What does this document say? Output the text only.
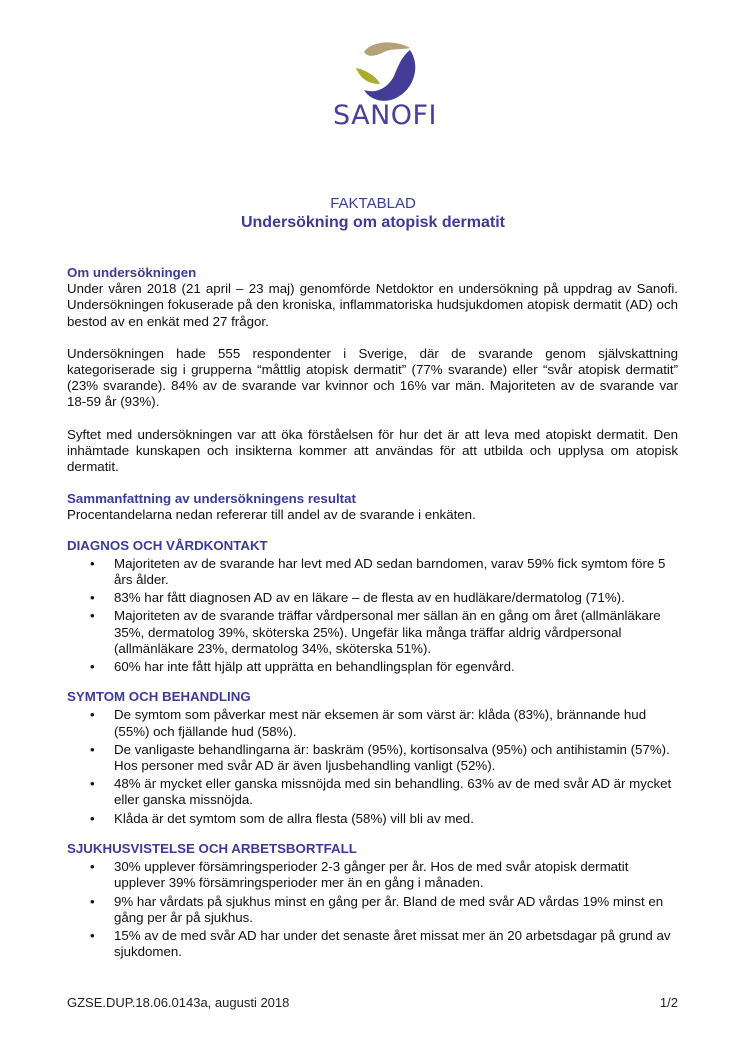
SANOFI
FAKTABLAD
Undersökning om atopisk dermatit
Om undersökningen

Under våren 2018 (21 april – 23 maj) genomförde Netdoktor en undersökning på uppdrag av Sanofi. Undersökningen fokuserade på den kroniska, inflammatoriska hudsjukdomen atopisk dermatit (AD) och bestod av en enkät med 27 frågor.

Undersökningen hade 555 respondenter i Sverige, där de svarande genom självskattning kategoriserade sig i grupperna “måttlig atopisk dermatit” (77% svarande) eller “svår atopisk dermatit” (23% svarande). 84% av de svarande var kvinnor och 16% var män. Majoriteten av de svarande var 18-59 år (93%).

Syftet med undersökningen var att öka förståelsen för hur det är att leva med atopiskt dermatit. Den inhämtade kunskapen och insikterna kommer att användas för att utbilda och upplysa om atopisk dermatit.

Sammanfattning av undersökningens resultat

Procentandelarna nedan refererar till andel av de svarande i enkäten.

DIAGNOS OCH VÅRDKONTAKT
• Majoriteten av de svarande har levt med AD sedan barndomen, varav 59% fick symtom före 5 års ålder.
• 83% har fått diagnosen AD av en läkare – de flesta av en hudläkare/dermatolog (71%).
• Majoriteten av de svarande träffar vårdpersonal mer sällan än en gång om året (allmänläkare 35%, dermatolog 39%, sköterska 25%). Ungefär lika många träffar aldrig vårdpersonal (allmänläkare 23%, dermatolog 34%, sköterska 51%).
• 60% har inte fått hjälp att upprätta en behandlingsplan för egenvård.
SYMTOM OCH BEHANDLING
• De symtom som påverkar mest när eksemen är som värst är: klåda (83%), brännande hud (55%) och fjällande hud (58%).
• De vanligaste behandlingarna är: baskräm (95%), kortisonsalva (95%) och antihistamin (57%). Hos personer med svår AD är även ljusbehandling vanligt (52%).
• 48% är mycket eller ganska missnöjda med sin behandling. 63% av de med svår AD är mycket eller ganska missnöjda.
• Klåda är det symtom som de allra flesta (58%) vill bli av med.
SJUKHUSVISTELSE OCH ARBETSBORTFALL
• 30% upplever försämringsperioder 2-3 gånger per år. Hos de med svår atopisk dermatit upplever 39% försämringsperioder mer än en gång i månaden.
• 9% har vårdats på sjukhus minst en gång per år. Bland de med svår AD vårdas 19% minst en gång per år på sjukhus.
• 15% av de med svår AD har under det senaste året missat mer än 20 arbetsdagar på grund av sjukdomen.
GZSE.DUP.18.06.0143a, augusti 2018	1/2
